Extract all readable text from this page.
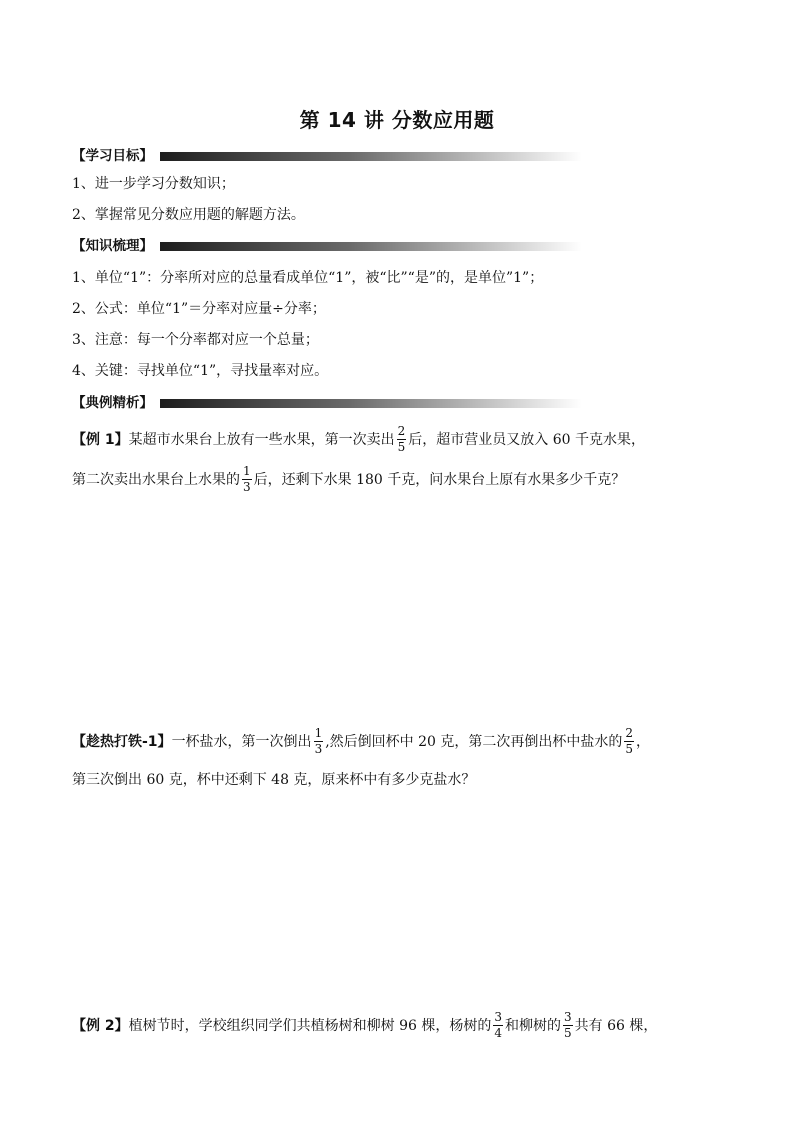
第 14 讲 分数应用题
【学习目标】
1、进一步学习分数知识；
2、掌握常见分数应用题的解题方法。
【知识梳理】
1、单位“1”：分率所对应的总量看成单位“1”，被“比”“是”的，是单位”1”；
2、公式：单位“1”＝分率对应量÷分率；
3、注意：每一个分率都对应一个总量；
4、关键：寻找单位“1”，寻找量率对应。
【典例精析】
【例 1】 某超市水果台上放有一些水果，第一次卖出 $\frac{2}{5}$ 后，超市营业员又放入 60 千克水果，
第二次卖出水果台上水果的 $\frac{1}{3}$ 后，还剩下水果 180 千克，问水果台上原有水果多少千克？
【趁热打铁-1】 一杯盐水，第一次倒出 $\frac{1}{3}$ ,然后倒回杯中 20 克，第二次再倒出杯中盐水的 $\frac{2}{5}$ ，
第三次倒出 60 克，杯中还剩下 48 克，原来杯中有多少克盐水？
【例 2】 植树节时，学校组织同学们共植杨树和柳树 96 棵，杨树的 $\frac{3}{4}$ 和柳树的 $\frac{3}{5}$ 共有 66 棵，
